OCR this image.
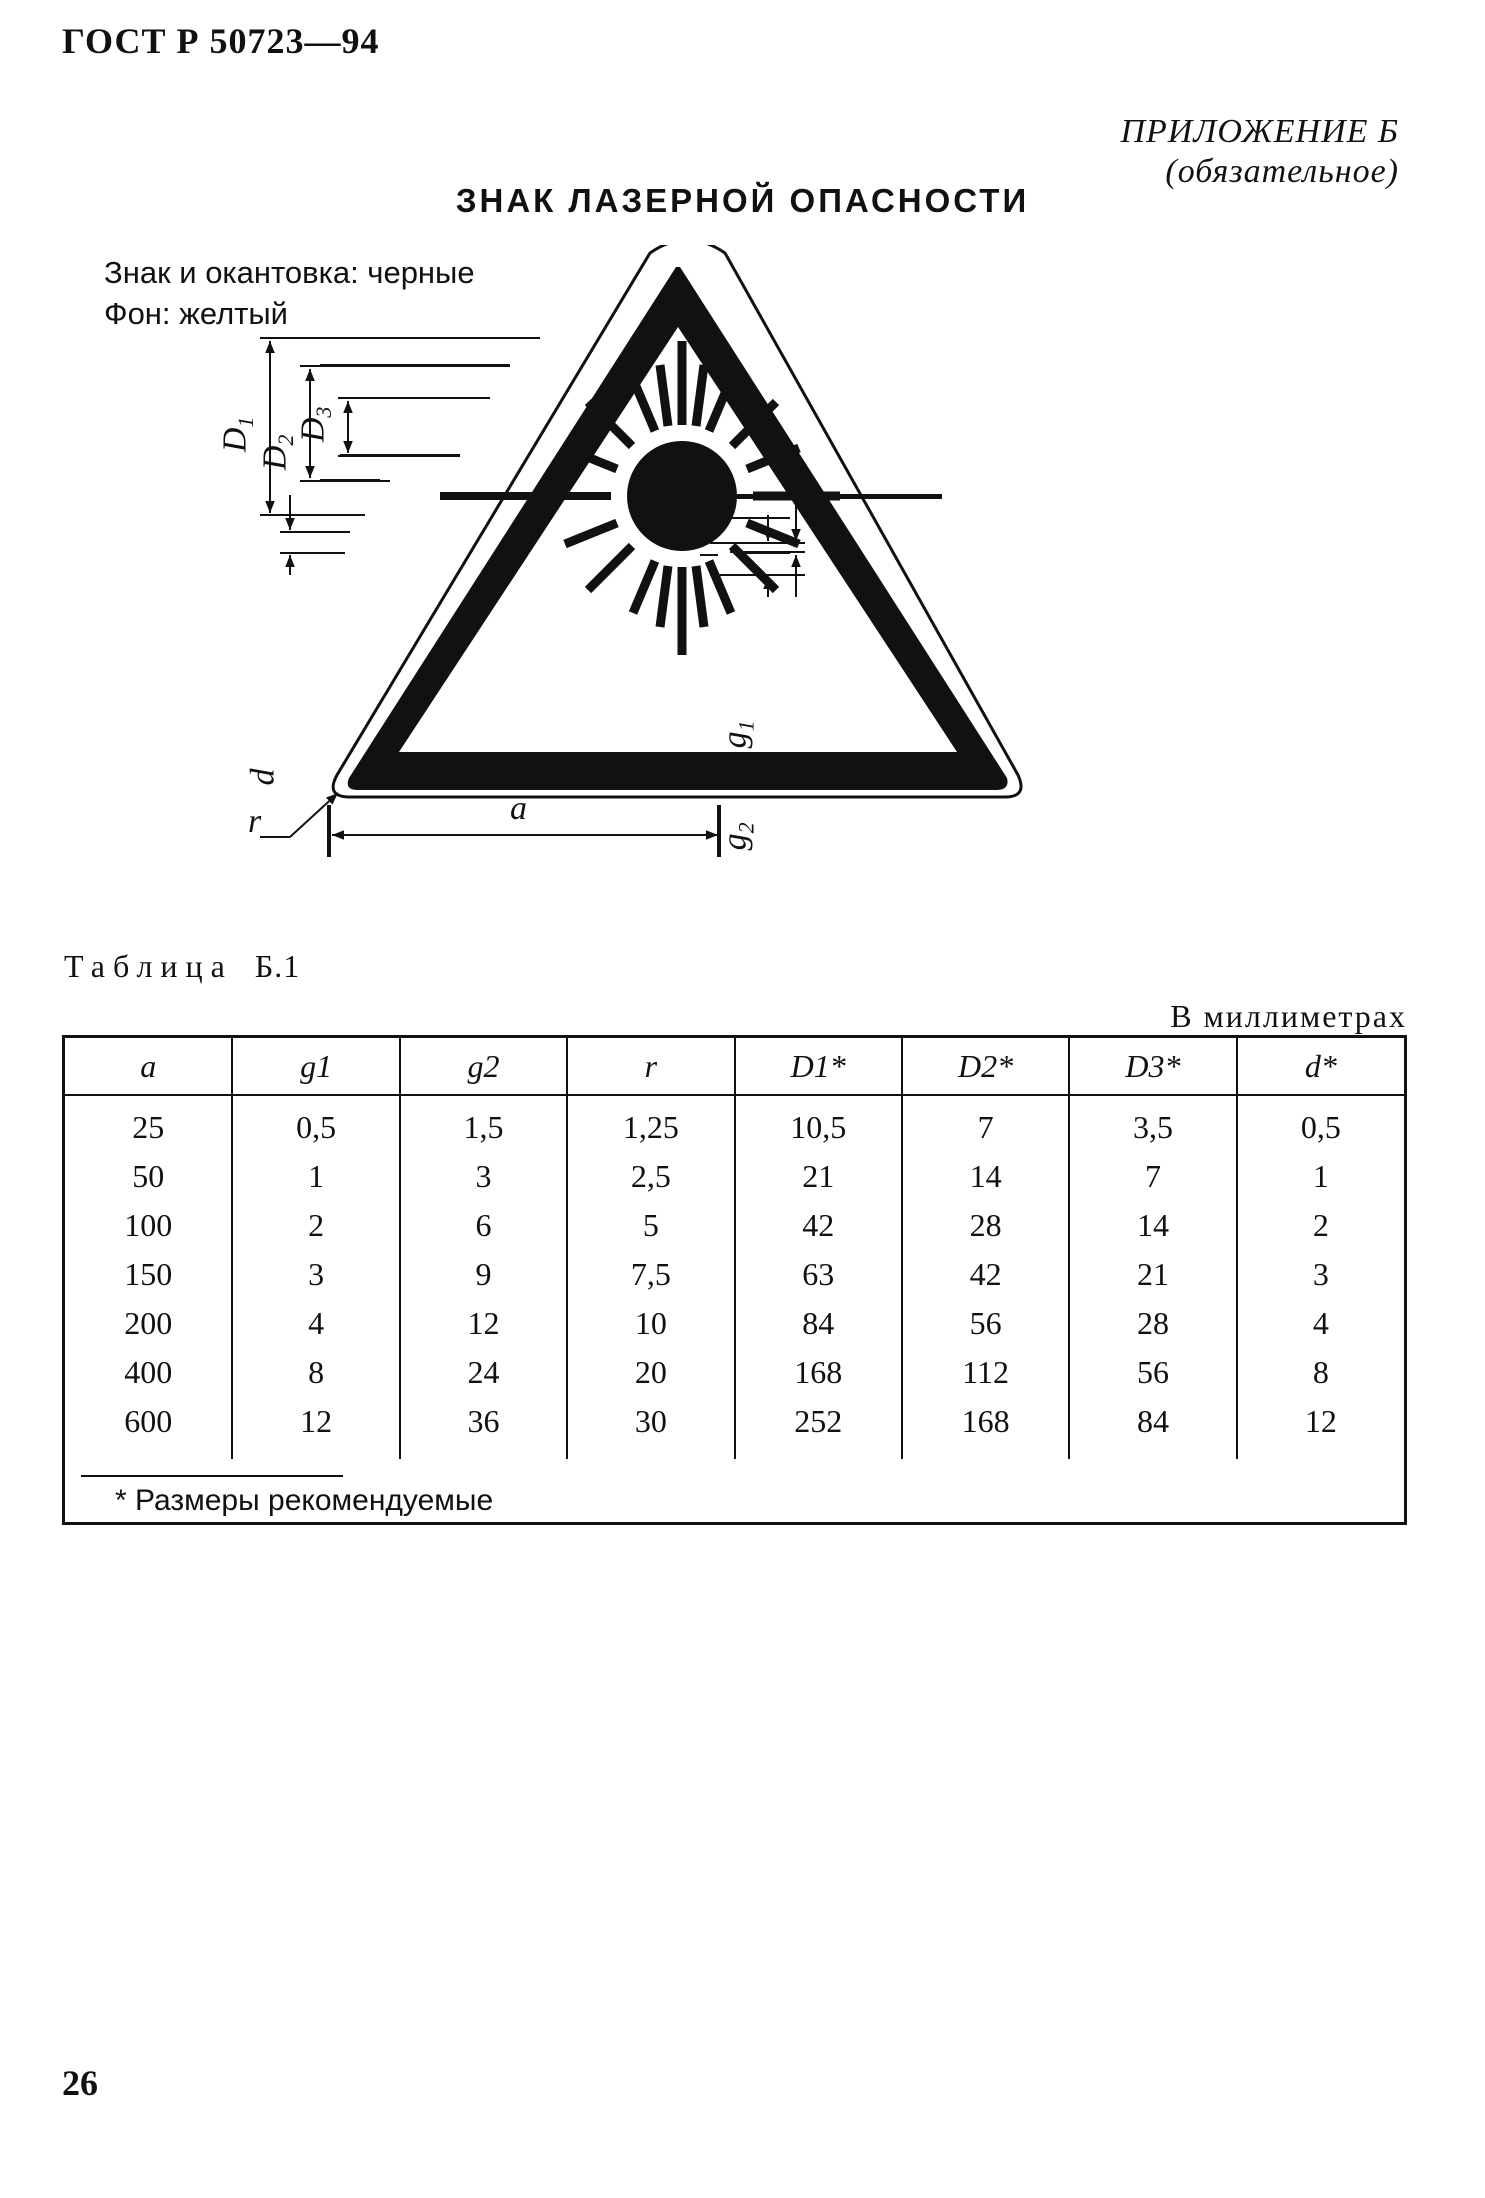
ГОСТ Р 50723—94
ПРИЛОЖЕНИЕ Б
(обязательное)
ЗНАК ЛАЗЕРНОЙ ОПАСНОСТИ
Знак и окантовка: черные
Фон: желтый
$D_1$
$D_2$
$D_3$
d
r	a
$g_1$
$g_2$
Таблица Б.1
В миллиметрах
a	g1	g2	r	D1*	D2*	D3*	d*
25	0,5	1,5	1,25	10,5	7	3,5	0,5
50	1	3	2,5	21	14	7	1
100	2	6	5	42	28	14	2
150	3	9	7,5	63	42	21	3
200	4	12	10	84	56	28	4
400	8	24	20	168	112	56	8
600	12	36	30	252	168	84	12
* Размеры рекомендуемые
26
